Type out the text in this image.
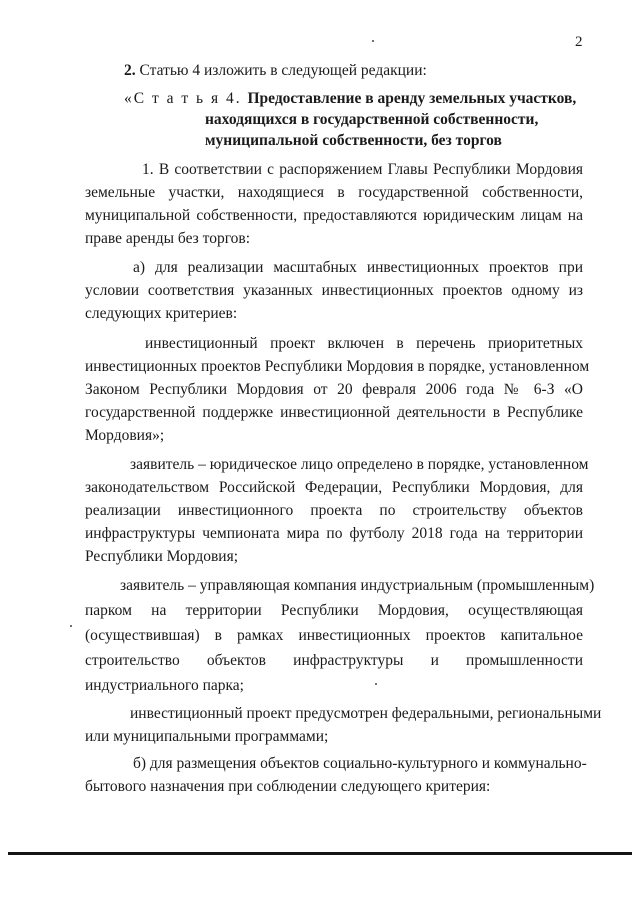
2
2. Статью 4 изложить в следующей редакции:
«С т а т ь я 4. Предоставление в аренду земельных участков,
находящихся в государственной собственности,
муниципальной собственности, без торгов
1. В соответствии с распоряжением Главы Республики Мордовия
земельные участки, находящиеся в государственной собственности,
муниципальной собственности, предоставляются юридическим лицам на
праве аренды без торгов:
а) для реализации масштабных инвестиционных проектов при
условии соответствия указанных инвестиционных проектов одному из
следующих критериев:
инвестиционный проект включен в перечень приоритетных
инвестиционных проектов Республики Мордовия в порядке, установленном
Законом Республики Мордовия от 20 февраля 2006 года № 6-З «О
государственной поддержке инвестиционной деятельности в Республике
Мордовия»;
заявитель – юридическое лицо определено в порядке, установленном
законодательством Российской Федерации, Республики Мордовия, для
реализации инвестиционного проекта по строительству объектов
инфраструктуры чемпионата мира по футболу 2018 года на территории
Республики Мордовия;
заявитель – управляющая компания индустриальным (промышленным)
парком на территории Республики Мордовия, осуществляющая
(осуществившая) в рамках инвестиционных проектов капитальное
строительство объектов инфраструктуры и промышленности
индустриального парка;
инвестиционный проект предусмотрен федеральными, региональными
или муниципальными программами;
б) для размещения объектов социально-культурного и коммунально-
бытового назначения при соблюдении следующего критерия:
